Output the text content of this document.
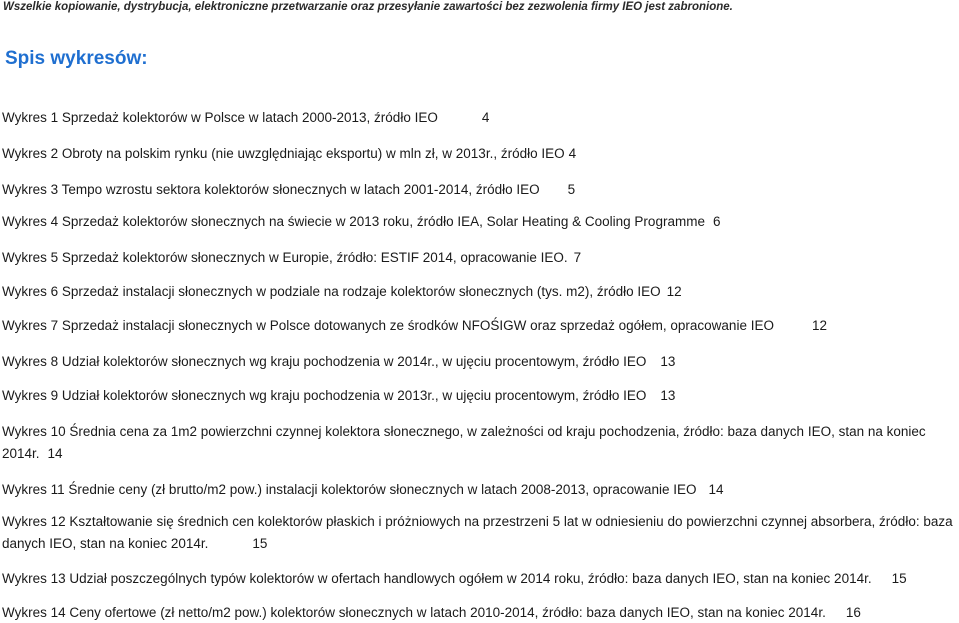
Wszelkie kopiowanie, dystrybucja, elektroniczne przetwarzanie oraz przesyłanie zawartości bez zezwolenia firmy IEO jest zabronione.
Spis wykresów:
Wykres 1 Sprzedaż kolektorów w Polsce w latach 2000-2013, źródło IEO	4
Wykres 2 Obroty na polskim rynku (nie uwzględniając eksportu) w mln zł, w 2013r., źródło IEO 4
Wykres 3 Tempo wzrostu sektora kolektorów słonecznych w latach 2001-2014, źródło IEO 5
Wykres 4 Sprzedaż kolektorów słonecznych na świecie w 2013 roku, źródło IEA, Solar Heating & Cooling Programme 6
Wykres 5 Sprzedaż kolektorów słonecznych w Europie, źródło: ESTIF 2014, opracowanie IEO. 7
Wykres 6 Sprzedaż instalacji słonecznych w podziale na rodzaje kolektorów słonecznych (tys. m2), źródło IEO 12
Wykres 7 Sprzedaż instalacji słonecznych w Polsce dotowanych ze środków NFOŚIGW oraz sprzedaż ogółem, opracowanie IEO	12
Wykres 8 Udział kolektorów słonecznych wg kraju pochodzenia w 2014r., w ujęciu procentowym, źródło IEO 13
Wykres 9 Udział kolektorów słonecznych wg kraju pochodzenia w 2013r., w ujęciu procentowym, źródło IEO 13
Wykres 10 Średnia cena za 1m2 powierzchni czynnej kolektora słonecznego, w zależności od kraju pochodzenia, źródło: baza danych IEO, stan na koniec 2014r. 14
Wykres 11 Średnie ceny (zł brutto/m2 pow.) instalacji kolektorów słonecznych w latach 2008-2013, opracowanie IEO 14
Wykres 12 Kształtowanie się średnich cen kolektorów płaskich i próżniowych na przestrzeni 5 lat w odniesieniu do powierzchni czynnej absorbera, źródło: baza danych IEO, stan na koniec 2014r.	15
Wykres 13 Udział poszczególnych typów kolektorów w ofertach handlowych ogółem w 2014 roku, źródło: baza danych IEO, stan na koniec 2014r. 15
Wykres 14 Ceny ofertowe (zł netto/m2 pow.) kolektorów słonecznych w latach 2010-2014, źródło: baza danych IEO, stan na koniec 2014r. 16
